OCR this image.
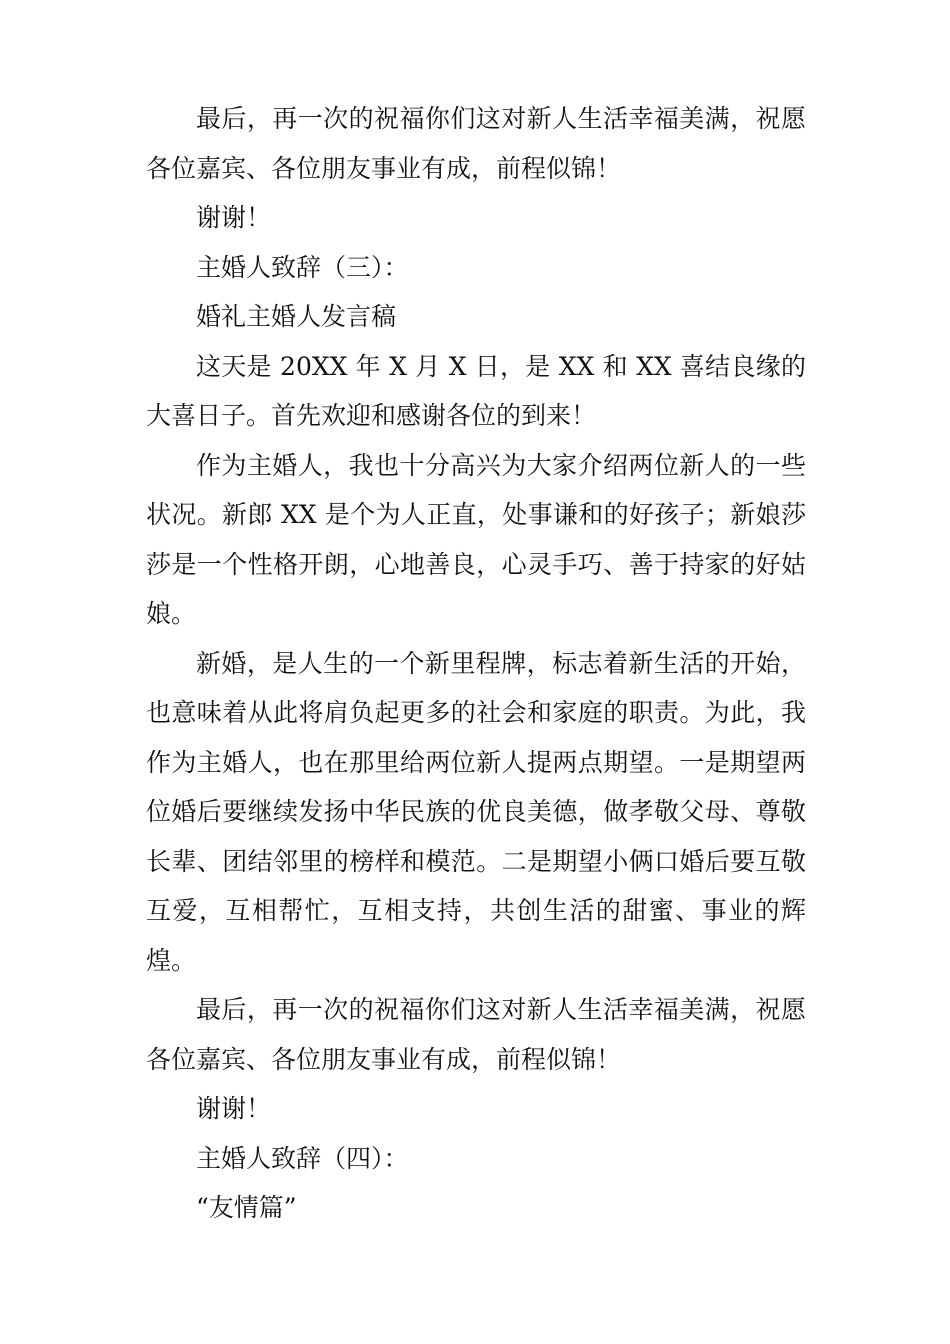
最后，再一次的祝福你们这对新人生活幸福美满，祝愿各位嘉宾、各位朋友事业有成，前程似锦！

谢谢！

主婚人致辞（三）：

婚礼主婚人发言稿

这天是 20XX 年 X 月 X 日，是 XX 和 XX 喜结良缘的大喜日子。首先欢迎和感谢各位的到来！

作为主婚人，我也十分高兴为大家介绍两位新人的一些状况。新郎 XX 是个为人正直，处事谦和的好孩子；新娘莎莎是一个性格开朗，心地善良，心灵手巧、善于持家的好姑娘。

新婚，是人生的一个新里程牌，标志着新生活的开始，也意味着从此将肩负起更多的社会和家庭的职责。为此，我作为主婚人，也在那里给两位新人提两点期望。一是期望两位婚后要继续发扬中华民族的优良美德，做孝敬父母、尊敬长辈、团结邻里的榜样和模范。二是期望小俩口婚后要互敬互爱，互相帮忙，互相支持，共创生活的甜蜜、事业的辉煌。

最后，再一次的祝福你们这对新人生活幸福美满，祝愿各位嘉宾、各位朋友事业有成，前程似锦！

谢谢！

主婚人致辞（四）：

“友情篇”
